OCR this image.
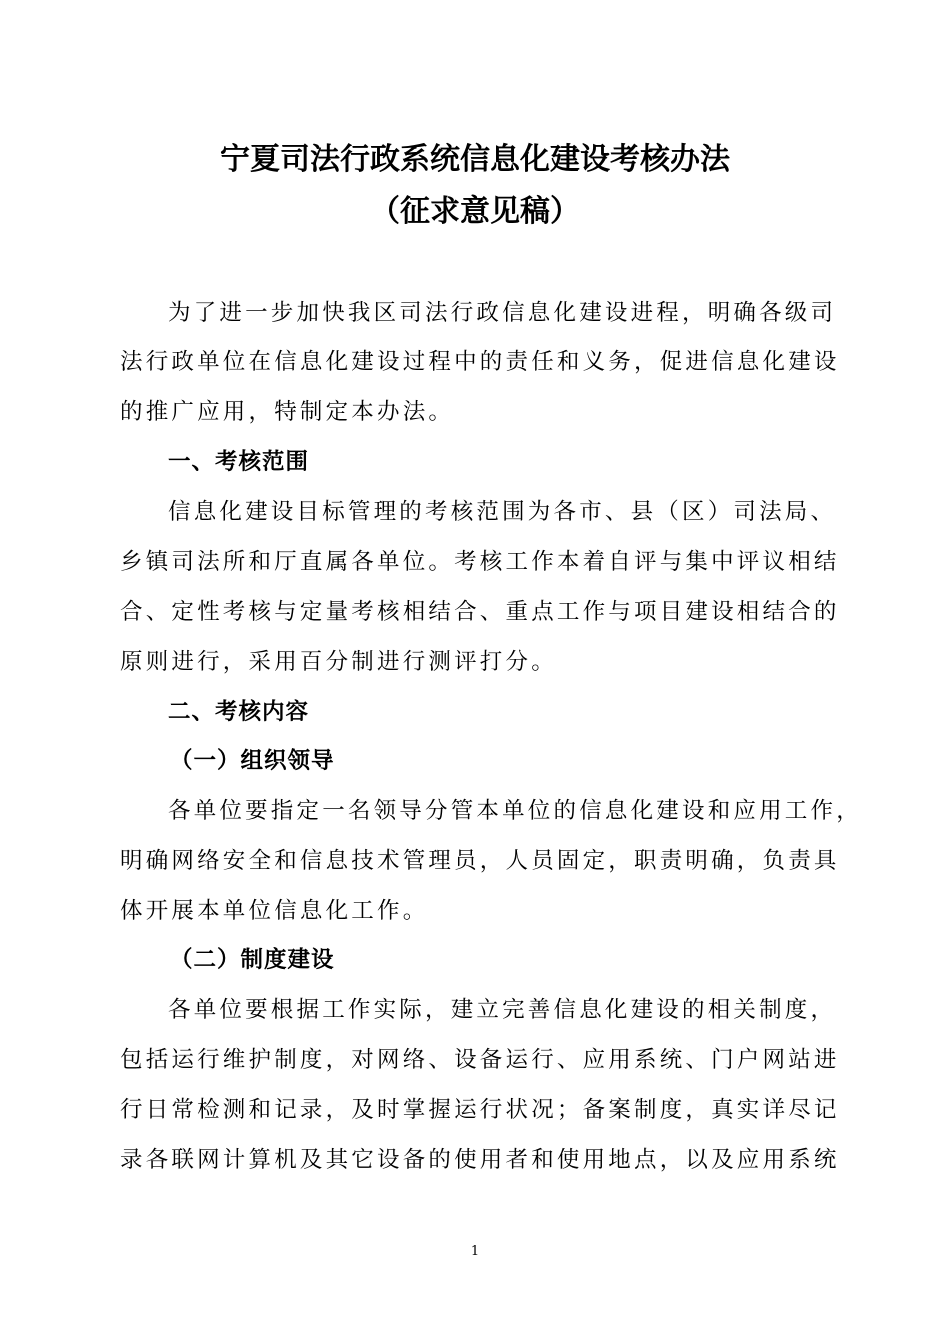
宁夏司法行政系统信息化建设考核办法
（征求意见稿）
为了进一步加快我区司法行政信息化建设进程，明确各级司
法行政单位在信息化建设过程中的责任和义务，促进信息化建设
的推广应用，特制定本办法。
一、考核范围
信息化建设目标管理的考核范围为各市、县（区）司法局、
乡镇司法所和厅直属各单位。考核工作本着自评与集中评议相结
合、定性考核与定量考核相结合、重点工作与项目建设相结合的
原则进行，采用百分制进行测评打分。
二、考核内容
（一）组织领导
各单位要指定一名领导分管本单位的信息化建设和应用工作，
明确网络安全和信息技术管理员，人员固定，职责明确，负责具
体开展本单位信息化工作。
（二）制度建设
各单位要根据工作实际，建立完善信息化建设的相关制度，
包括运行维护制度，对网络、设备运行、应用系统、门户网站进
行日常检测和记录，及时掌握运行状况；备案制度，真实详尽记
录各联网计算机及其它设备的使用者和使用地点，以及应用系统
1
